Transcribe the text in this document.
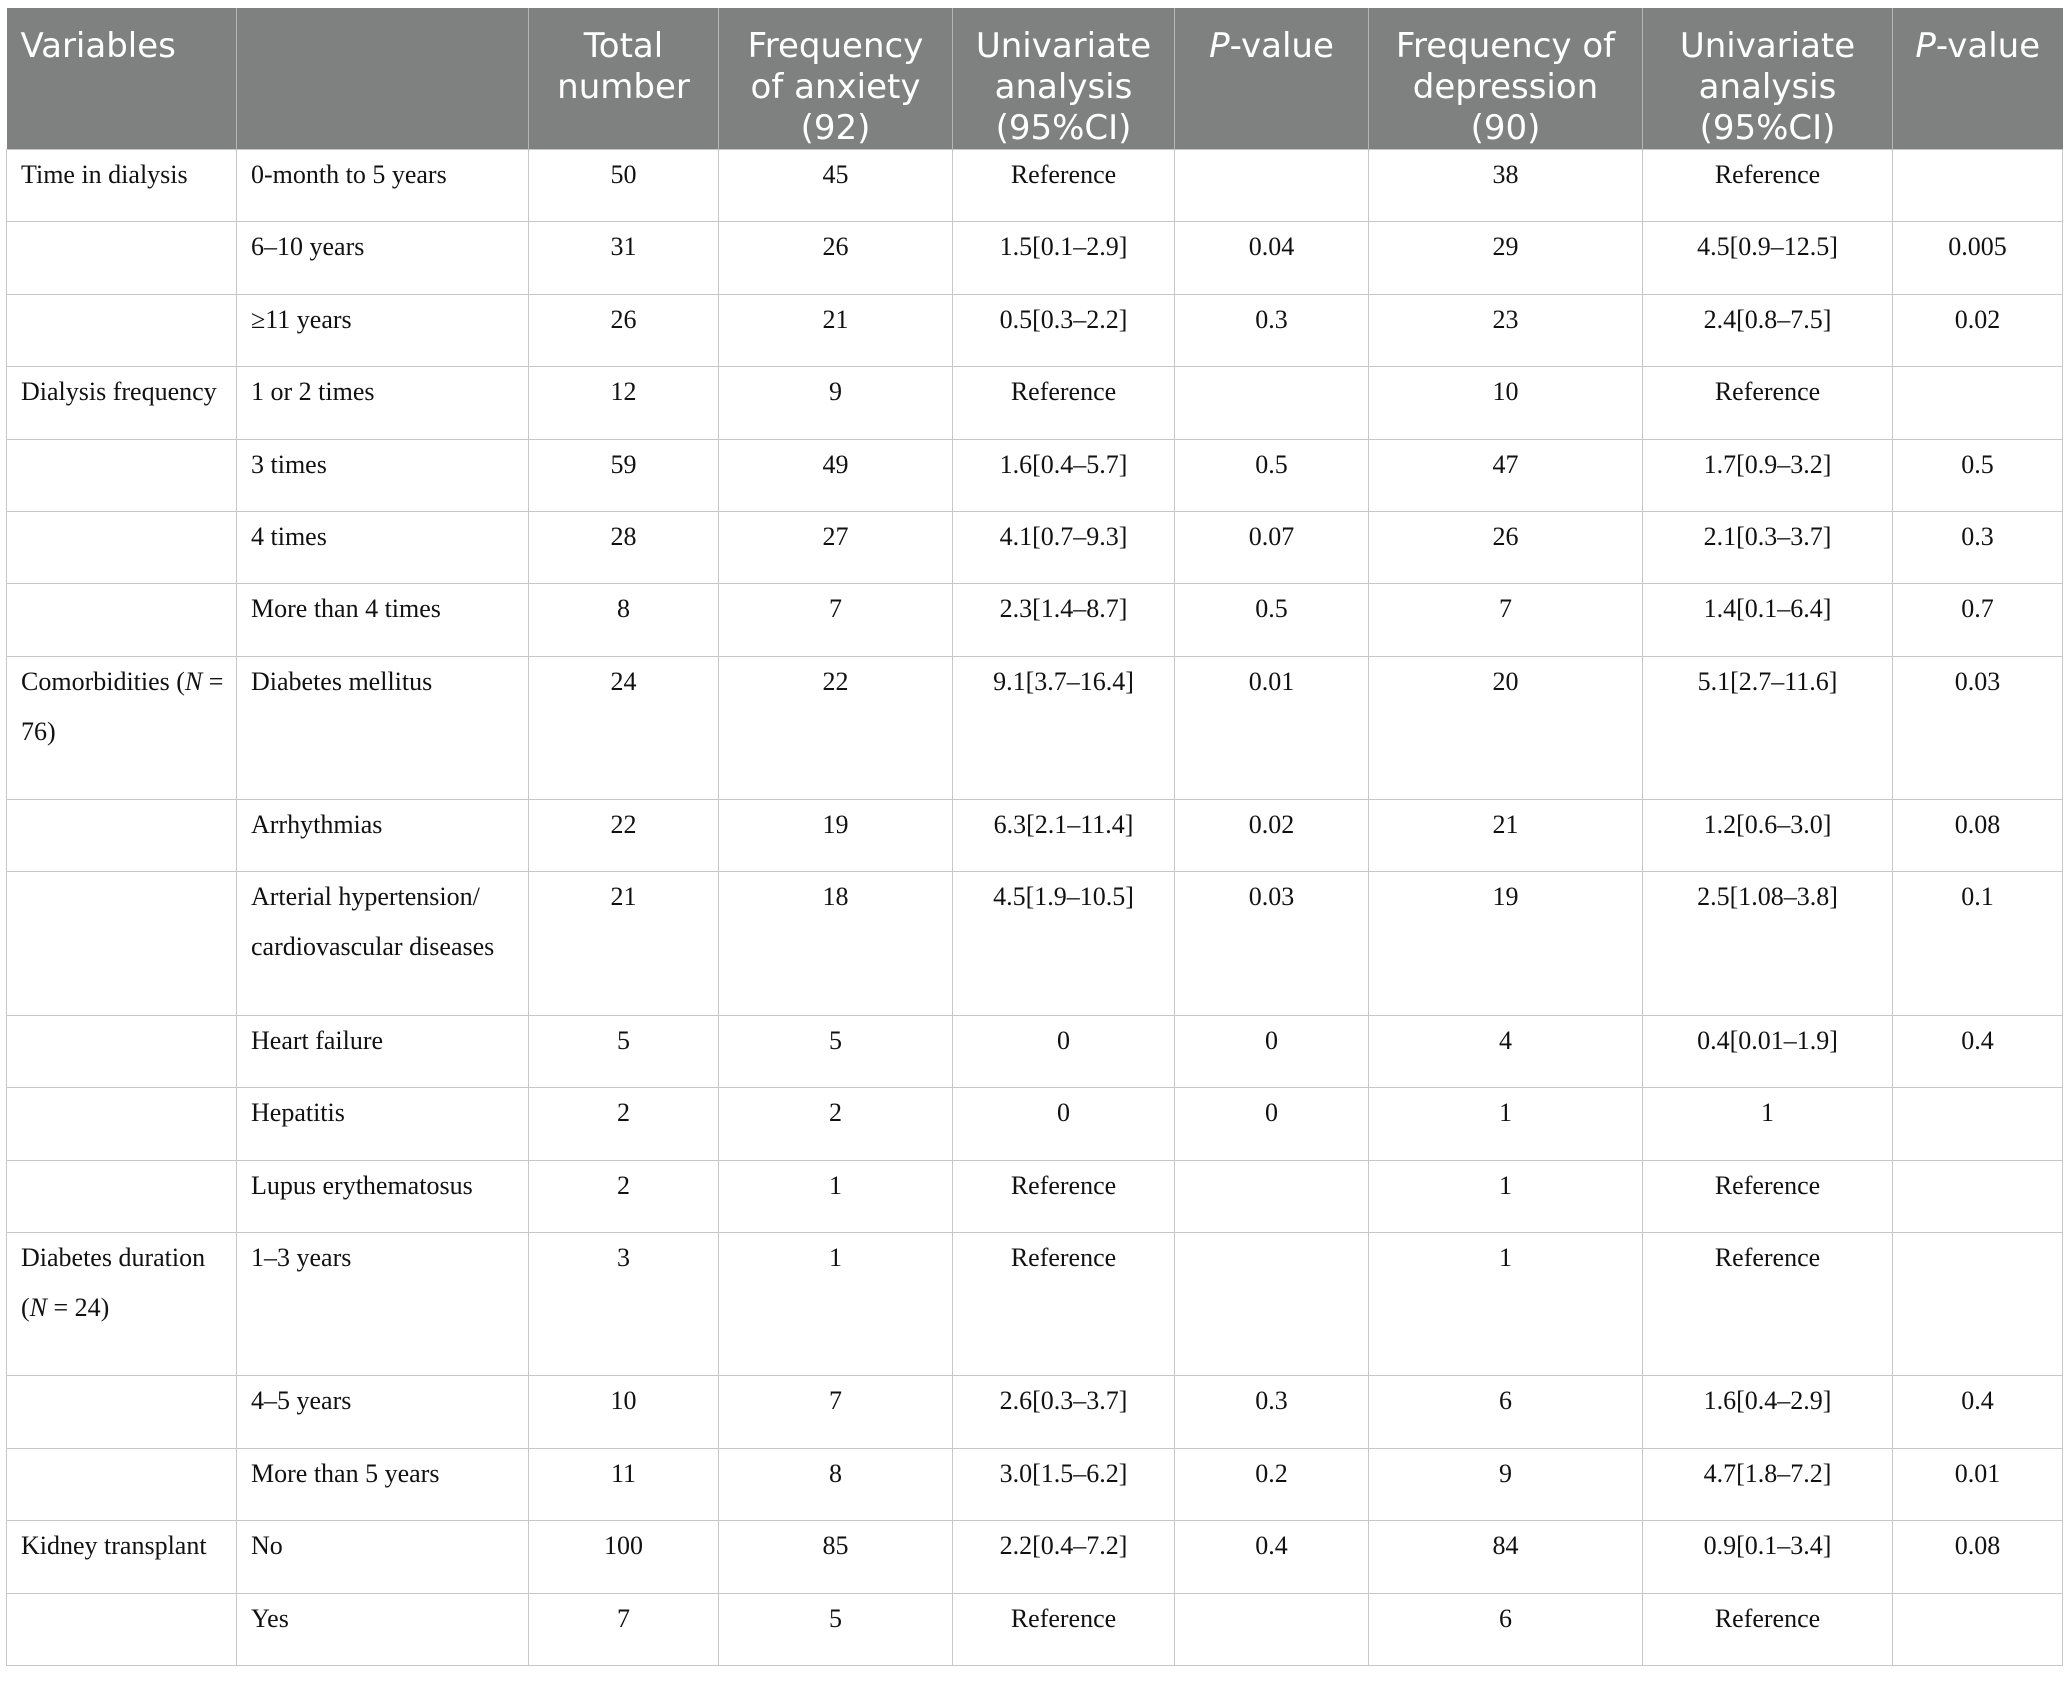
Variables		Total number	Frequency of anxiety (92)	Univariate analysis (95%CI)	P-value	Frequency of depression (90)	Univariate analysis (95%CI)	P-value
Time in dialysis	0-month to 5 years	50	45	Reference		38	Reference	
	6–10 years	31	26	1.5[0.1–2.9]	0.04	29	4.5[0.9–12.5]	0.005
	≥11 years	26	21	0.5[0.3–2.2]	0.3	23	2.4[0.8–7.5]	0.02
Dialysis frequency	1 or 2 times	12	9	Reference		10	Reference	
	3 times	59	49	1.6[0.4–5.7]	0.5	47	1.7[0.9–3.2]	0.5
	4 times	28	27	4.1[0.7–9.3]	0.07	26	2.1[0.3–3.7]	0.3
	More than 4 times	8	7	2.3[1.4–8.7]	0.5	7	1.4[0.1–6.4]	0.7
Comorbidities (N = 76)	Diabetes mellitus	24	22	9.1[3.7–16.4]	0.01	20	5.1[2.7–11.6]	0.03
	Arrhythmias	22	19	6.3[2.1–11.4]	0.02	21	1.2[0.6–3.0]	0.08
	Arterial hypertension/ cardiovascular diseases	21	18	4.5[1.9–10.5]	0.03	19	2.5[1.08–3.8]	0.1
	Heart failure	5	5	0	0	4	0.4[0.01–1.9]	0.4
	Hepatitis	2	2	0	0	1	1	
	Lupus erythematosus	2	1	Reference		1	Reference	
Diabetes duration (N = 24)	1–3 years	3	1	Reference		1	Reference	
	4–5 years	10	7	2.6[0.3–3.7]	0.3	6	1.6[0.4–2.9]	0.4
	More than 5 years	11	8	3.0[1.5–6.2]	0.2	9	4.7[1.8–7.2]	0.01
Kidney transplant	No	100	85	2.2[0.4–7.2]	0.4	84	0.9[0.1–3.4]	0.08
	Yes	7	5	Reference		6	Reference	
